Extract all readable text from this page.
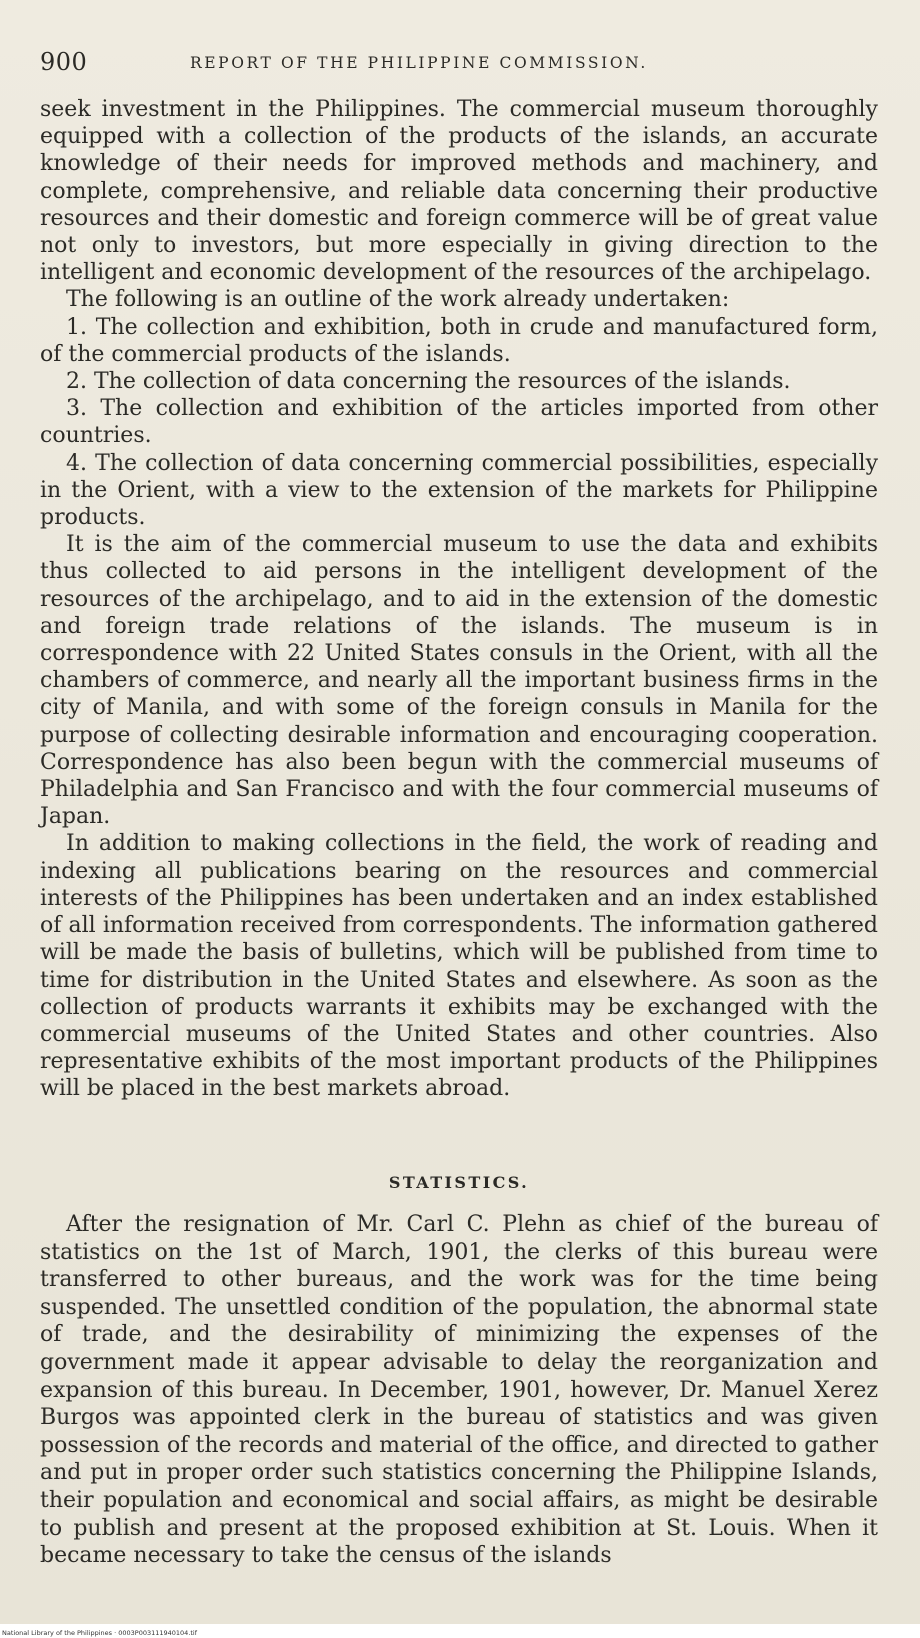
900	REPORT OF THE PHILIPPINE COMMISSION.

seek investment in the Philippines. The commercial museum thoroughly equipped with a collection of the products of the islands, an accurate knowledge of their needs for improved methods and machinery, and complete, comprehensive, and reliable data concerning their productive resources and their domestic and foreign commerce will be of great value not only to investors, but more especially in giving direction to the intelligent and economic development of the resources of the archipelago.

The following is an outline of the work already undertaken:

1. The collection and exhibition, both in crude and manufactured form, of the commercial products of the islands.

2. The collection of data concerning the resources of the islands.

3. The collection and exhibition of the articles imported from other countries.

4. The collection of data concerning commercial possibilities, especially in the Orient, with a view to the extension of the markets for Philippine products.

It is the aim of the commercial museum to use the data and exhibits thus collected to aid persons in the intelligent development of the resources of the archipelago, and to aid in the extension of the domestic and foreign trade relations of the islands. The museum is in correspondence with 22 United States consuls in the Orient, with all the chambers of commerce, and nearly all the important business firms in the city of Manila, and with some of the foreign consuls in Manila for the purpose of collecting desirable information and encouraging cooperation. Correspondence has also been begun with the commercial museums of Philadelphia and San Francisco and with the four commercial museums of Japan.

In addition to making collections in the field, the work of reading and indexing all publications bearing on the resources and commercial interests of the Philippines has been undertaken and an index established of all information received from correspondents. The information gathered will be made the basis of bulletins, which will be published from time to time for distribution in the United States and elsewhere. As soon as the collection of products warrants it exhibits may be exchanged with the commercial museums of the United States and other countries. Also representative exhibits of the most important products of the Philippines will be placed in the best markets abroad.

STATISTICS.

After the resignation of Mr. Carl C. Plehn as chief of the bureau of statistics on the 1st of March, 1901, the clerks of this bureau were transferred to other bureaus, and the work was for the time being suspended. The unsettled condition of the population, the abnormal state of trade, and the desirability of minimizing the expenses of the government made it appear advisable to delay the reorganization and expansion of this bureau. In December, 1901, however, Dr. Manuel Xerez Burgos was appointed clerk in the bureau of statistics and was given possession of the records and material of the office, and directed to gather and put in proper order such statistics concerning the Philippine Islands, their population and economical and social affairs, as might be desirable to publish and present at the proposed exhibition at St. Louis. When it became necessary to take the census of the islands

National Library of the Philippines · 0003P003111940104.tif
